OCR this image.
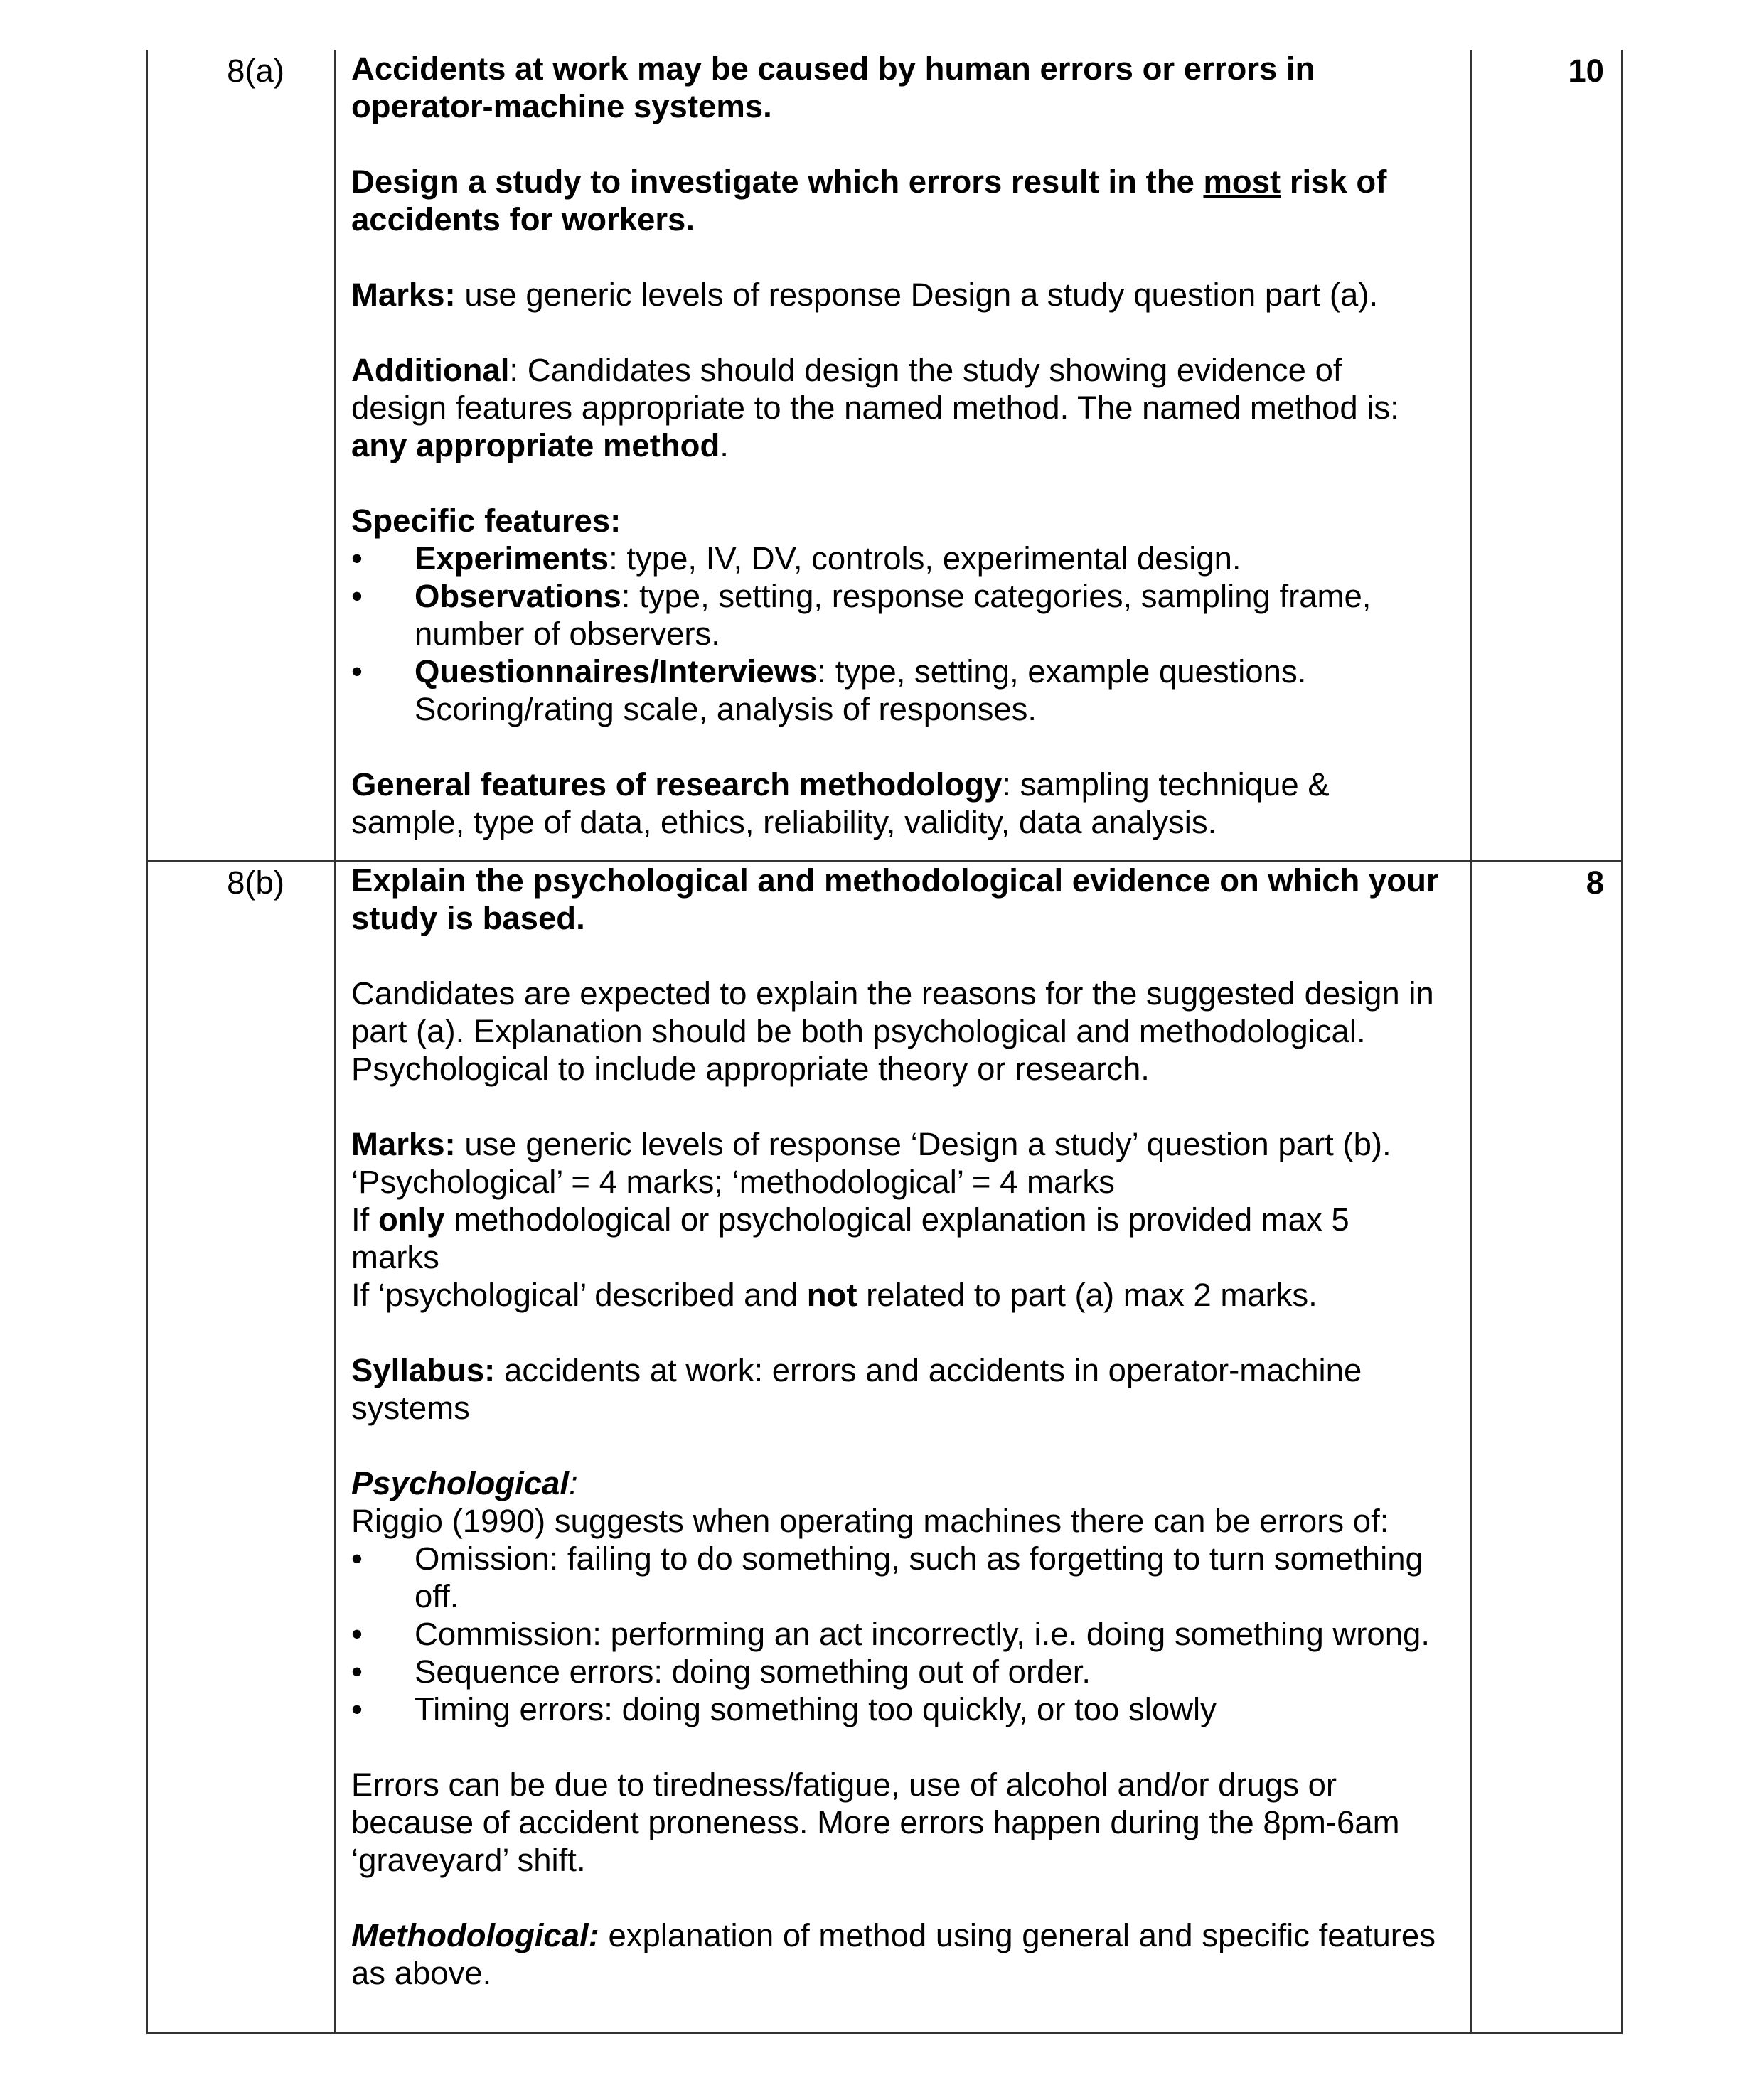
8(a) Accidents at work may be caused by human errors or errors in
operator-machine systems.

Design a study to investigate which errors result in the most risk of
accidents for workers.

Marks: use generic levels of response Design a study question part (a).

Additional: Candidates should design the study showing evidence of
design features appropriate to the named method. The named method is:
any appropriate method.

Specific features:

• Experiments: type, IV, DV, controls, experimental design.
• Observations: type, setting, response categories, sampling frame,
number of observers.
• Questionnaires/Interviews: type, setting, example questions.
Scoring/rating scale, analysis of responses.

General features of research methodology: sampling technique &
sample, type of data, ethics, reliability, validity, data analysis.

10
8(b) Explain the psychological and methodological evidence on which your
study is based.

Candidates are expected to explain the reasons for the suggested design in
part (a). Explanation should be both psychological and methodological.
Psychological to include appropriate theory or research.

Marks: use generic levels of response ‘Design a study’ question part (b).
‘Psychological’ = 4 marks; ‘methodological’ = 4 marks
If only methodological or psychological explanation is provided max 5
marks
If ‘psychological’ described and not related to part (a) max 2 marks.

Syllabus: accidents at work: errors and accidents in operator-machine
systems

Psychological:

Riggio (1990) suggests when operating machines there can be errors of:

• Omission: failing to do something, such as forgetting to turn something
off.
• Commission: performing an act incorrectly, i.e. doing something wrong.
• Sequence errors: doing something out of order.
• Timing errors: doing something too quickly, or too slowly

Errors can be due to tiredness/fatigue, use of alcohol and/or drugs or
because of accident proneness. More errors happen during the 8pm-6am
‘graveyard’ shift.

Methodological: explanation of method using general and specific features
as above.

8
